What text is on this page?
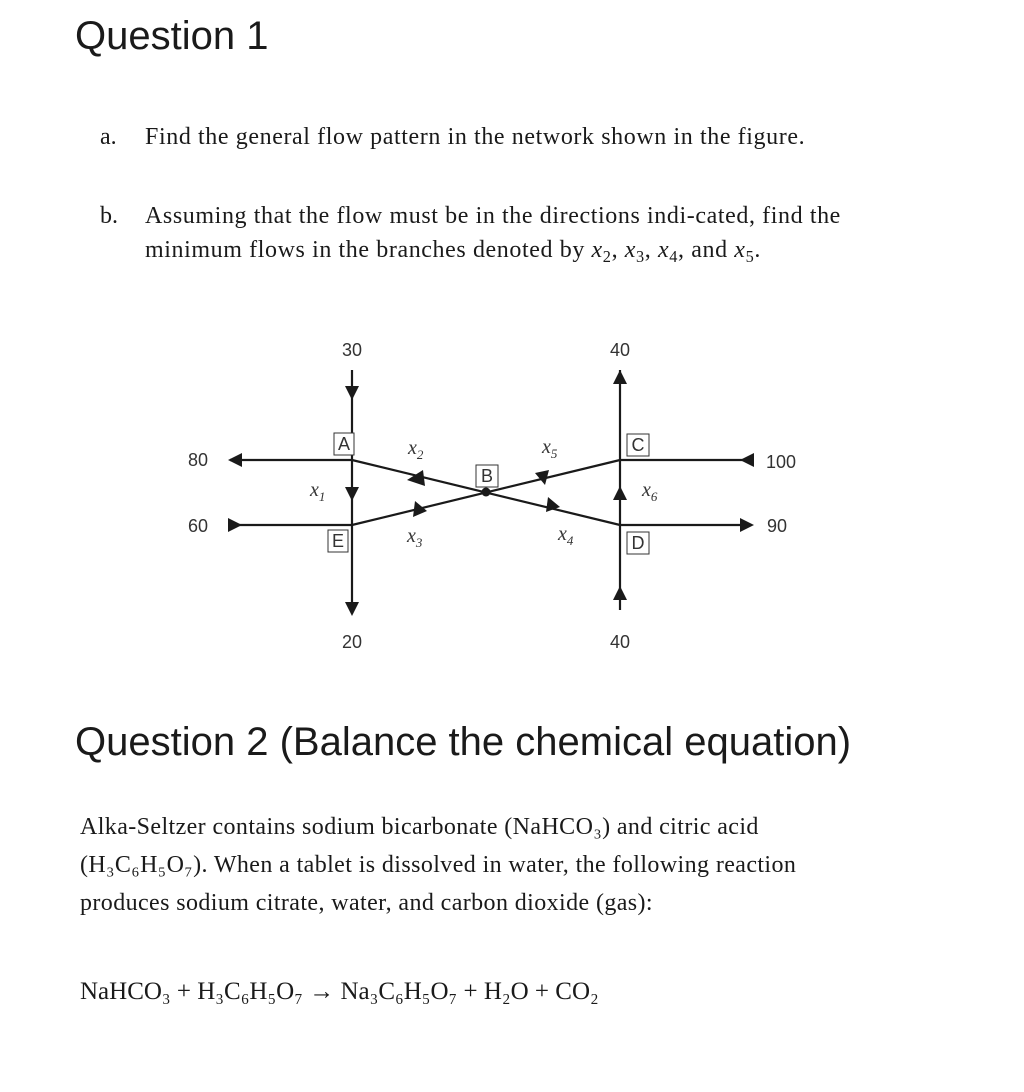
Question 1
a. Find the general flow pattern in the network shown in the figure.
b. Assuming that the flow must be in the directions indi-cated, find the minimum flows in the branches denoted by $x_2$, $x_3$, $x_4$, and $x_5$.
A	C
E	D
B
30	40
80
60
100
90
20	40
$x_1$
$x_2$
$x_3$	$x_4$
$x_5$
$x_6$
Question 2 (Balance the chemical equation)
Alka-Seltzer contains sodium bicarbonate (NaHCO₃) and citric acid (H₃C₆H₅O₇). When a tablet is dissolved in water, the following reaction produces sodium citrate, water, and carbon dioxide (gas):
NaHCO₃ + H₃C₆H₅O₇ → Na₃C₆H₅O₇ + H₂O + CO₂
